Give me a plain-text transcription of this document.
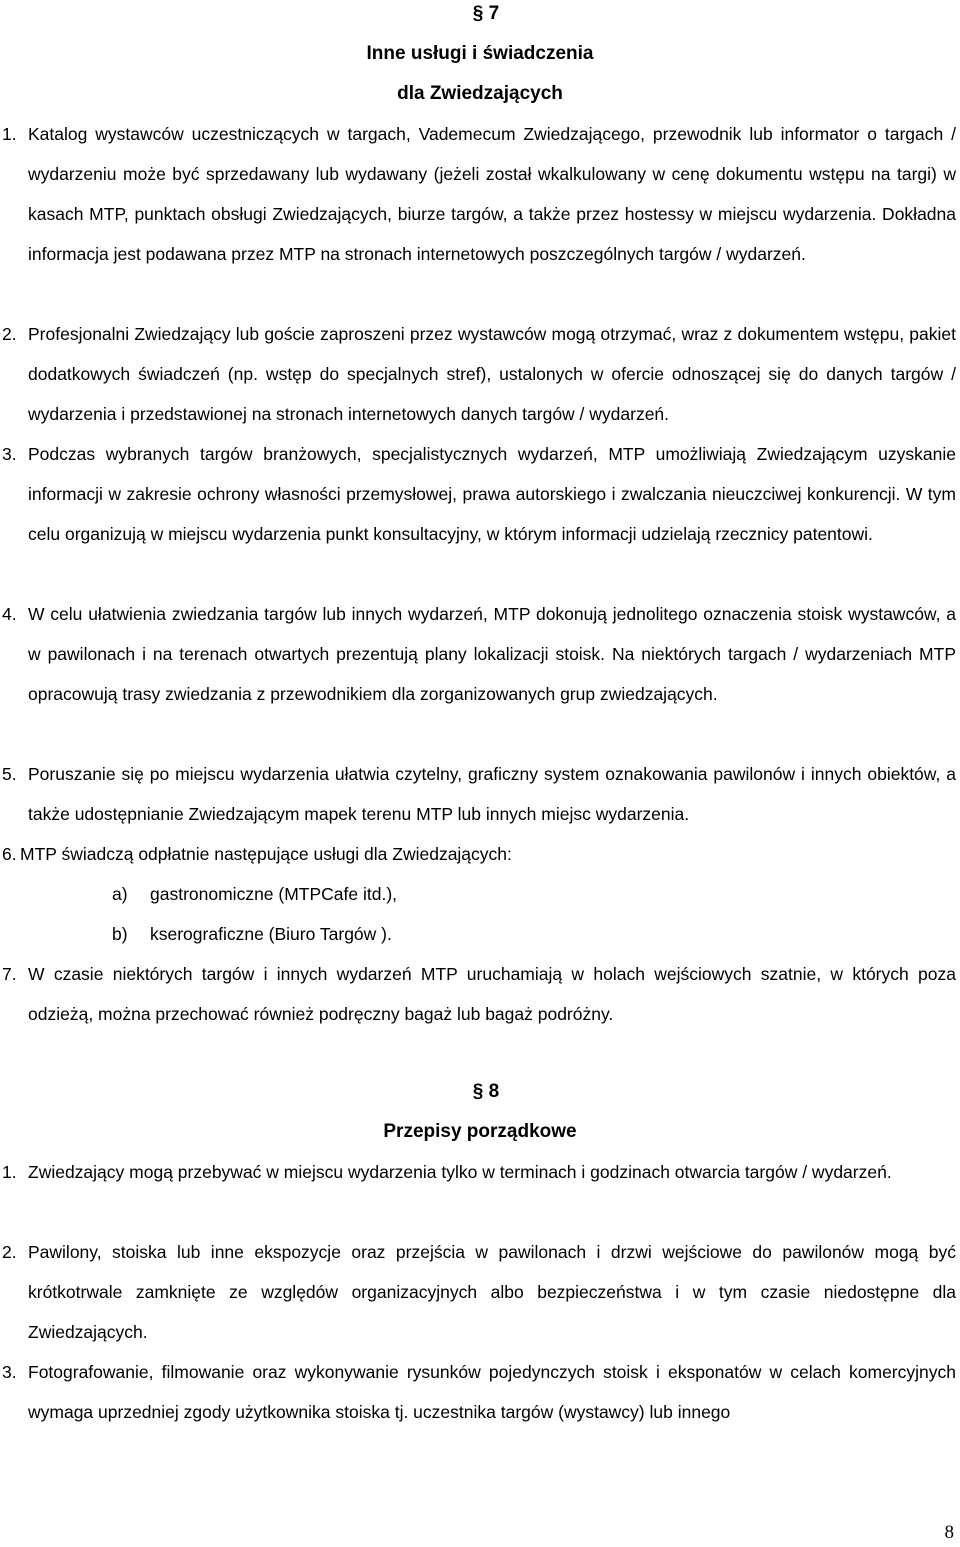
§ 7
Inne usługi i świadczenia
dla Zwiedzających
1. Katalog wystawców uczestniczących w targach, Vademecum Zwiedzającego, przewodnik lub informator o targach / wydarzeniu może być sprzedawany lub wydawany (jeżeli został wkalkulowany w cenę dokumentu wstępu na targi) w kasach MTP, punktach obsługi Zwiedzających, biurze targów, a także przez hostessy w miejscu wydarzenia. Dokładna informacja jest podawana przez MTP na stronach internetowych poszczególnych targów / wydarzeń.
2. Profesjonalni Zwiedzający lub goście zaproszeni przez wystawców mogą otrzymać, wraz z dokumentem wstępu, pakiet dodatkowych świadczeń (np. wstęp do specjalnych stref), ustalonych w ofercie odnoszącej się do danych targów / wydarzenia i przedstawionej na stronach internetowych danych targów / wydarzeń.
3. Podczas wybranych targów branżowych, specjalistycznych wydarzeń, MTP umożliwiają Zwiedzającym uzyskanie informacji w zakresie ochrony własności przemysłowej, prawa autorskiego i zwalczania nieuczciwej konkurencji. W tym celu organizują w miejscu wydarzenia punkt konsultacyjny, w którym informacji udzielają rzecznicy patentowi.
4. W celu ułatwienia zwiedzania targów lub innych wydarzeń, MTP dokonują jednolitego oznaczenia stoisk wystawców, a w pawilonach i na terenach otwartych prezentują plany lokalizacji stoisk. Na niektórych targach / wydarzeniach MTP opracowują trasy zwiedzania z przewodnikiem dla zorganizowanych grup zwiedzających.
5. Poruszanie się po miejscu wydarzenia ułatwia czytelny, graficzny system oznakowania pawilonów i innych obiektów, a także udostępnianie Zwiedzającym mapek terenu MTP lub innych miejsc wydarzenia.
6. MTP świadczą odpłatnie następujące usługi dla Zwiedzających:
a) gastronomiczne (MTPCafe itd.),
b) kserograficzne (Biuro Targów ).
7. W czasie niektórych targów i innych wydarzeń MTP uruchamiają w holach wejściowych szatnie, w których poza odzieżą, można przechować również podręczny bagaż lub bagaż podróżny.
§ 8
Przepisy porządkowe
1. Zwiedzający mogą przebywać w miejscu wydarzenia tylko w terminach i godzinach otwarcia targów / wydarzeń.
2. Pawilony, stoiska lub inne ekspozycje oraz przejścia w pawilonach i drzwi wejściowe do pawilonów mogą być krótkotrwale zamknięte ze względów organizacyjnych albo bezpieczeństwa i w tym czasie niedostępne dla Zwiedzających.
3. Fotografowanie, filmowanie oraz wykonywanie rysunków pojedynczych stoisk i eksponatów w celach komercyjnych wymaga uprzedniej zgody użytkownika stoiska tj. uczestnika targów (wystawcy) lub innego
8
